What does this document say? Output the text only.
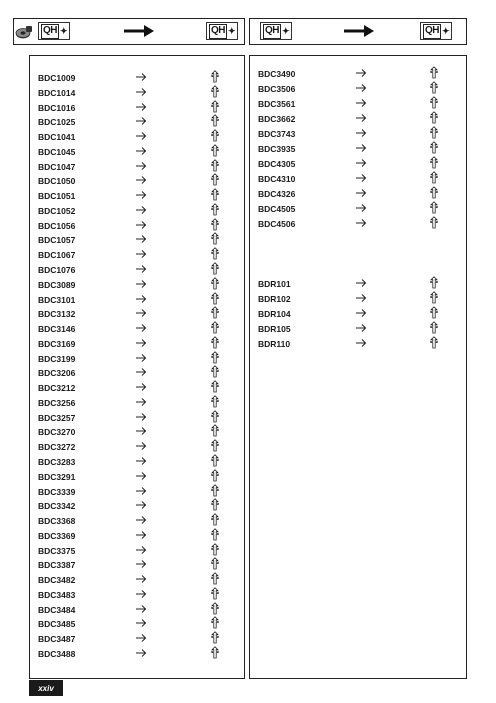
QH ✦	QH ✦	QH ✦	QH ✦
BDC1009
BDC1014
BDC1016
BDC1025
BDC1041
BDC1045
BDC1047
BDC1050
BDC1051
BDC1052
BDC1056
BDC1057
BDC1067
BDC1076
BDC3089
BDC3101
BDC3132
BDC3146
BDC3169
BDC3199
BDC3206
BDC3212
BDC3256
BDC3257
BDC3270
BDC3272
BDC3283
BDC3291
BDC3339
BDC3342
BDC3368
BDC3369
BDC3375
BDC3387
BDC3482
BDC3483
BDC3484
BDC3485
BDC3487
BDC3488
BDC3490
BDC3506
BDC3561
BDC3662
BDC3743
BDC3935
BDC4305
BDC4310
BDC4326
BDC4505
BDC4506
BDR101
BDR102
BDR104
BDR105
BDR110
xxiv
